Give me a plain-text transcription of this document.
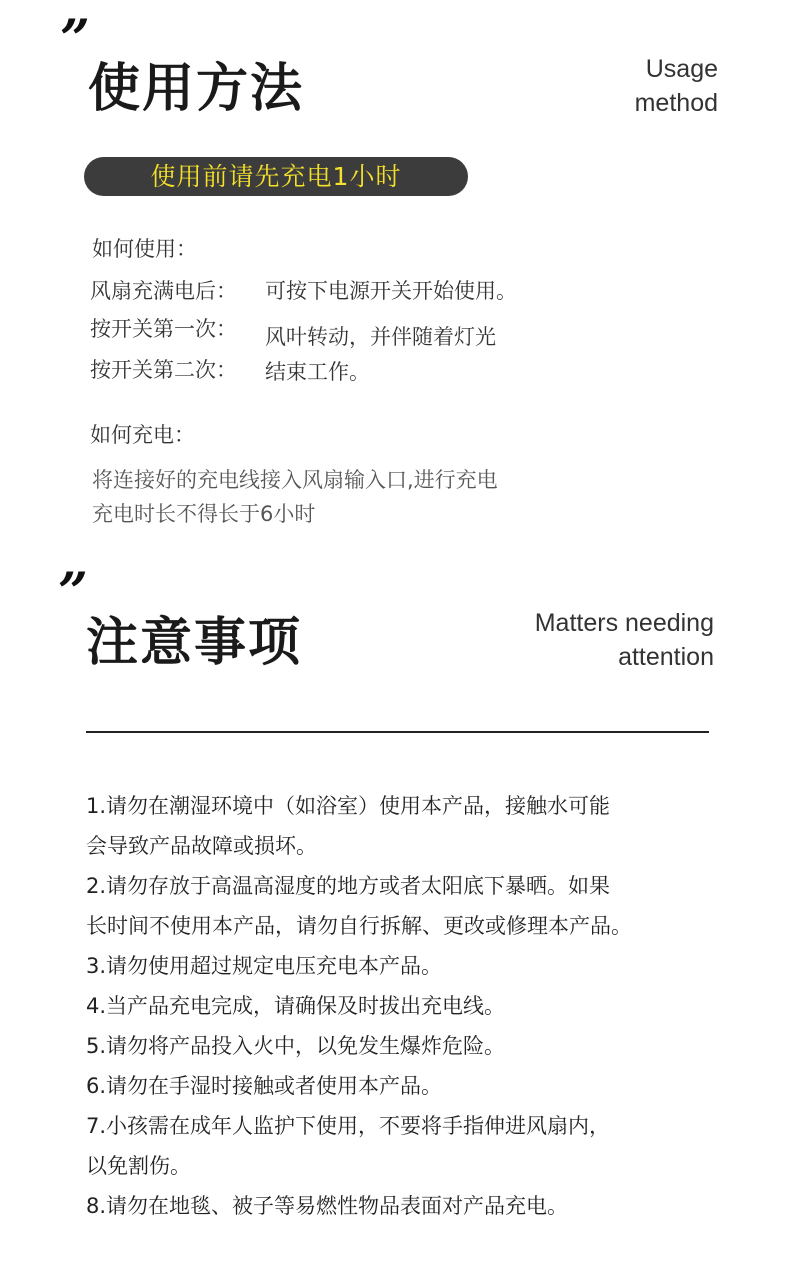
”
使用方法	Usage
method
使用前请先充电1小时
如何使用：
风扇充满电后： 可按下电源开关开始使用。
按开关第一次： 风叶转动，并伴随着灯光
按开关第二次： 结束工作。
如何充电：
将连接好的充电线接入风扇输入口,进行充电
充电时长不得长于6小时
”
注意事项	Matters needing
attention
1.请勿在潮湿环境中（如浴室）使用本产品，接触水可能
会导致产品故障或损坏。
2.请勿存放于高温高湿度的地方或者太阳底下暴晒。如果
长时间不使用本产品，请勿自行拆解、更改或修理本产品。
3.请勿使用超过规定电压充电本产品。
4.当产品充电完成，请确保及时拔出充电线。
5.请勿将产品投入火中，以免发生爆炸危险。
6.请勿在手湿时接触或者使用本产品。
7.小孩需在成年人监护下使用，不要将手指伸进风扇内，
以免割伤。
8.请勿在地毯、被子等易燃性物品表面对产品充电。
